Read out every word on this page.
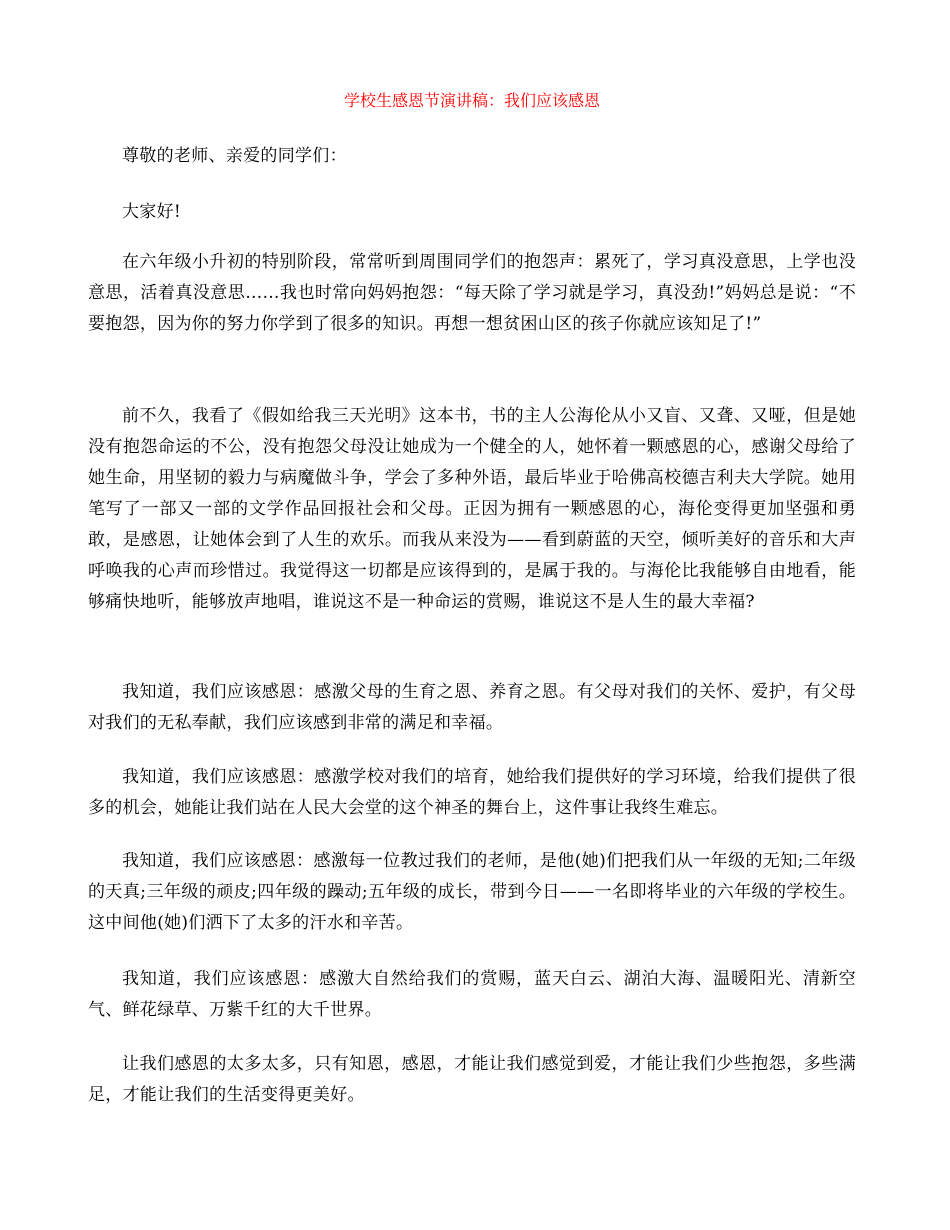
学校生感恩节演讲稿：我们应该感恩

尊敬的老师、亲爱的同学们：

大家好!

在六年级小升初的特别阶段，常常听到周围同学们的抱怨声：累死了，学习真没意思，上学也没意思，活着真没意思……我也时常向妈妈抱怨：“每天除了学习就是学习，真没劲!”妈妈总是说：“不要抱怨，因为你的努力你学到了很多的知识。再想一想贫困山区的孩子你就应该知足了!”

前不久，我看了《假如给我三天光明》这本书，书的主人公海伦从小又盲、又聋、又哑，但是她没有抱怨命运的不公，没有抱怨父母没让她成为一个健全的人，她怀着一颗感恩的心，感谢父母给了她生命，用坚韧的毅力与病魔做斗争，学会了多种外语，最后毕业于哈佛高校德吉利夫大学院。她用笔写了一部又一部的文学作品回报社会和父母。正因为拥有一颗感恩的心，海伦变得更加坚强和勇敢，是感恩，让她体会到了人生的欢乐。而我从来没为——看到蔚蓝的天空，倾听美好的音乐和大声呼唤我的心声而珍惜过。我觉得这一切都是应该得到的，是属于我的。与海伦比我能够自由地看，能够痛快地听，能够放声地唱，谁说这不是一种命运的赏赐，谁说这不是人生的最大幸福?

我知道，我们应该感恩：感激父母的生育之恩、养育之恩。有父母对我们的关怀、爱护，有父母对我们的无私奉献，我们应该感到非常的满足和幸福。

我知道，我们应该感恩：感激学校对我们的培育，她给我们提供好的学习环境，给我们提供了很多的机会，她能让我们站在人民大会堂的这个神圣的舞台上，这件事让我终生难忘。

我知道，我们应该感恩：感激每一位教过我们的老师，是他(她)们把我们从一年级的无知;二年级的天真;三年级的顽皮;四年级的躁动;五年级的成长，带到今日——一名即将毕业的六年级的学校生。这中间他(她)们洒下了太多的汗水和辛苦。

我知道，我们应该感恩：感激大自然给我们的赏赐，蓝天白云、湖泊大海、温暖阳光、清新空气、鲜花绿草、万紫千红的大千世界。

让我们感恩的太多太多，只有知恩，感恩，才能让我们感觉到爱，才能让我们少些抱怨，多些满足，才能让我们的生活变得更美好。
